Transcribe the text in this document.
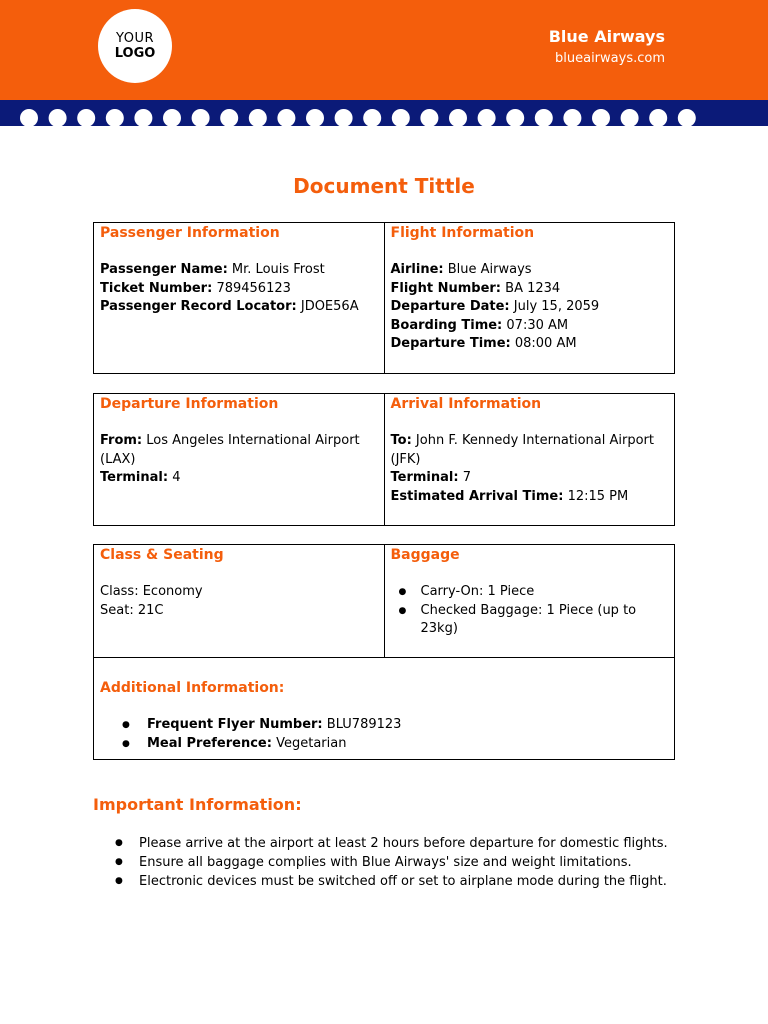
YOUR
LOGO
Blue Airways
blueairways.com
Document Tittle
Passenger Information
Passenger Name: Mr. Louis Frost
Ticket Number: 789456123
Passenger Record Locator: JDOE56A

Flight Information
Airline: Blue Airways
Flight Number: BA 1234
Departure Date: July 15, 2059
Boarding Time: 07:30 AM
Departure Time: 08:00 AM
Departure Information
From: Los Angeles International Airport (LAX)
Terminal: 4

Arrival Information
To: John F. Kennedy International Airport (JFK)
Terminal: 7
Estimated Arrival Time: 12:15 PM
Class & Seating
Class: Economy
Seat: 21C

Baggage
● Carry-On: 1 Piece
● Checked Baggage: 1 Piece (up to 23kg)

Additional Information:
● Frequent Flyer Number: BLU789123
● Meal Preference: Vegetarian
Important Information:
● Please arrive at the airport at least 2 hours before departure for domestic flights.
● Ensure all baggage complies with Blue Airways' size and weight limitations.
● Electronic devices must be switched off or set to airplane mode during the flight.
